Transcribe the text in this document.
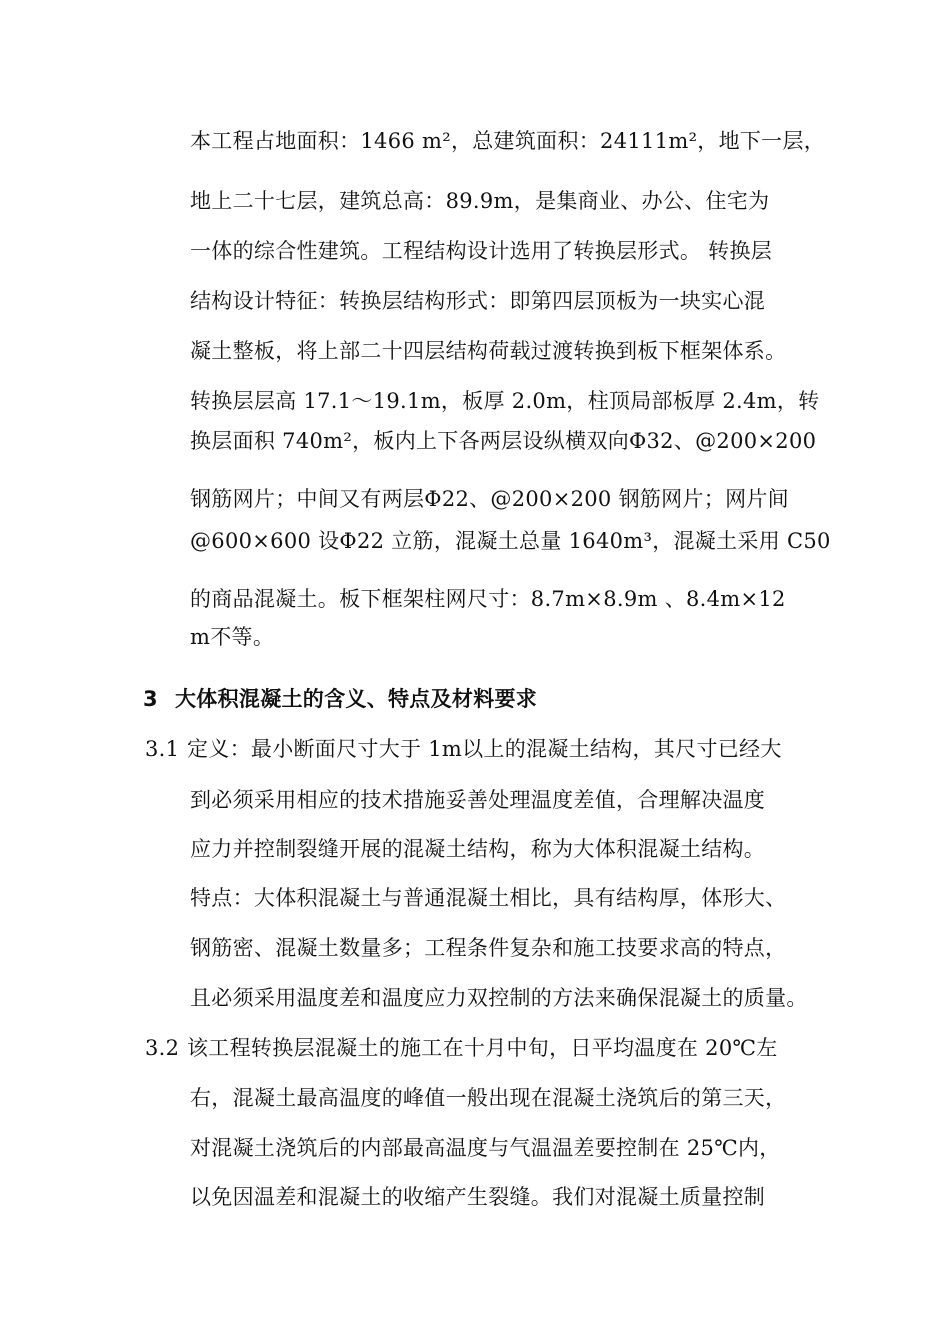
本工程占地面积：1466 m²，总建筑面积：24111m²，地下一层，
地上二十七层，建筑总高：89.9m，是集商业、办公、住宅为
一体的综合性建筑。工程结构设计选用了转换层形式。 转换层
结构设计特征：转换层结构形式：即第四层顶板为一块实心混
凝土整板，将上部二十四层结构荷载过渡转换到板下框架体系。
转换层层高 17.1～19.1m，板厚 2.0m，柱顶局部板厚 2.4m，转
换层面积 740m²，板内上下各两层设纵横双向Φ32、@200×200
钢筋网片；中间又有两层Φ22、@200×200 钢筋网片；网片间
@600×600 设Φ22 立筋，混凝土总量 1640m³，混凝土采用 C50
的商品混凝土。板下框架柱网尺寸：8.7m×8.9m 、8.4m×12
m不等。
3 大体积混凝土的含义、特点及材料要求
3.1 定义：最小断面尺寸大于 1m以上的混凝土结构，其尺寸已经大
到必须采用相应的技术措施妥善处理温度差值，合理解决温度
应力并控制裂缝开展的混凝土结构，称为大体积混凝土结构。
特点：大体积混凝土与普通混凝土相比，具有结构厚，体形大、
钢筋密、混凝土数量多；工程条件复杂和施工技要求高的特点，
且必须采用温度差和温度应力双控制的方法来确保混凝土的质量。
3.2 该工程转换层混凝土的施工在十月中旬，日平均温度在 20℃左
右，混凝土最高温度的峰值一般出现在混凝土浇筑后的第三天，
对混凝土浇筑后的内部最高温度与气温温差要控制在 25℃内，
以免因温差和混凝土的收缩产生裂缝。我们对混凝土质量控制
